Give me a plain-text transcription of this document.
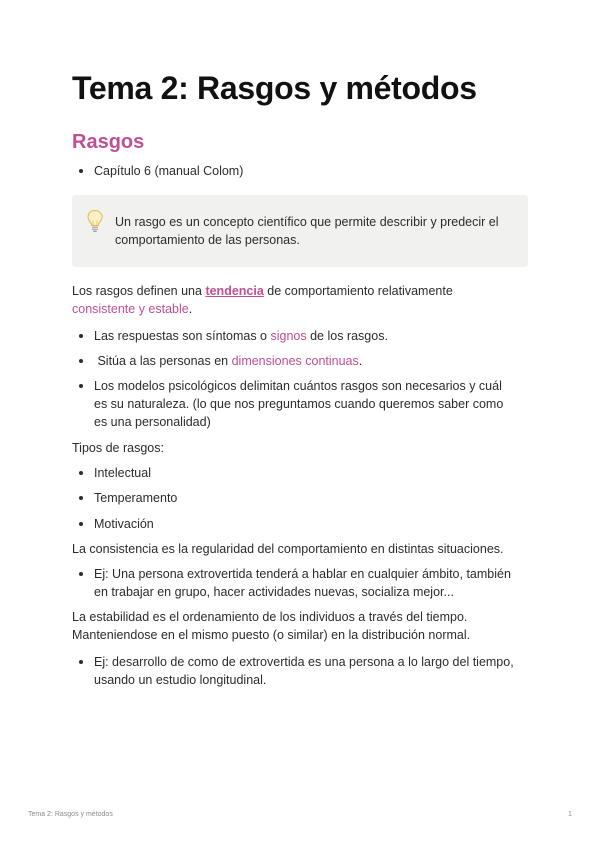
Tema 2: Rasgos y métodos
Rasgos
Capítulo 6 (manual Colom)
Un rasgo es un concepto científico que permite describir y predecir el comportamiento de las personas.

Los rasgos definen una tendencia de comportamiento relativamente
consistente y estable.

Las respuestas son síntomas o signos de los rasgos.
Sitúa a las personas en dimensiones continuas.
Los modelos psicológicos delimitan cuántos rasgos son necesarios y cuál es su naturaleza. (lo que nos preguntamos cuando queremos saber como es una personalidad)

Tipos de rasgos:

Intelectual
Temperamento
Motivación

La consistencia es la regularidad del comportamiento en distintas situaciones.

Ej: Una persona extrovertida tenderá a hablar en cualquier ámbito, también en trabajar en grupo, hacer actividades nuevas, socializa mejor...

La estabilidad es el ordenamiento de los individuos a través del tiempo. Manteniendose en el mismo puesto (o similar) en la distribución normal.

Ej: desarrollo de como de extrovertida es una persona a lo largo del tiempo, usando un estudio longitudinal.
Tema 2: Rasgos y métodos	1
